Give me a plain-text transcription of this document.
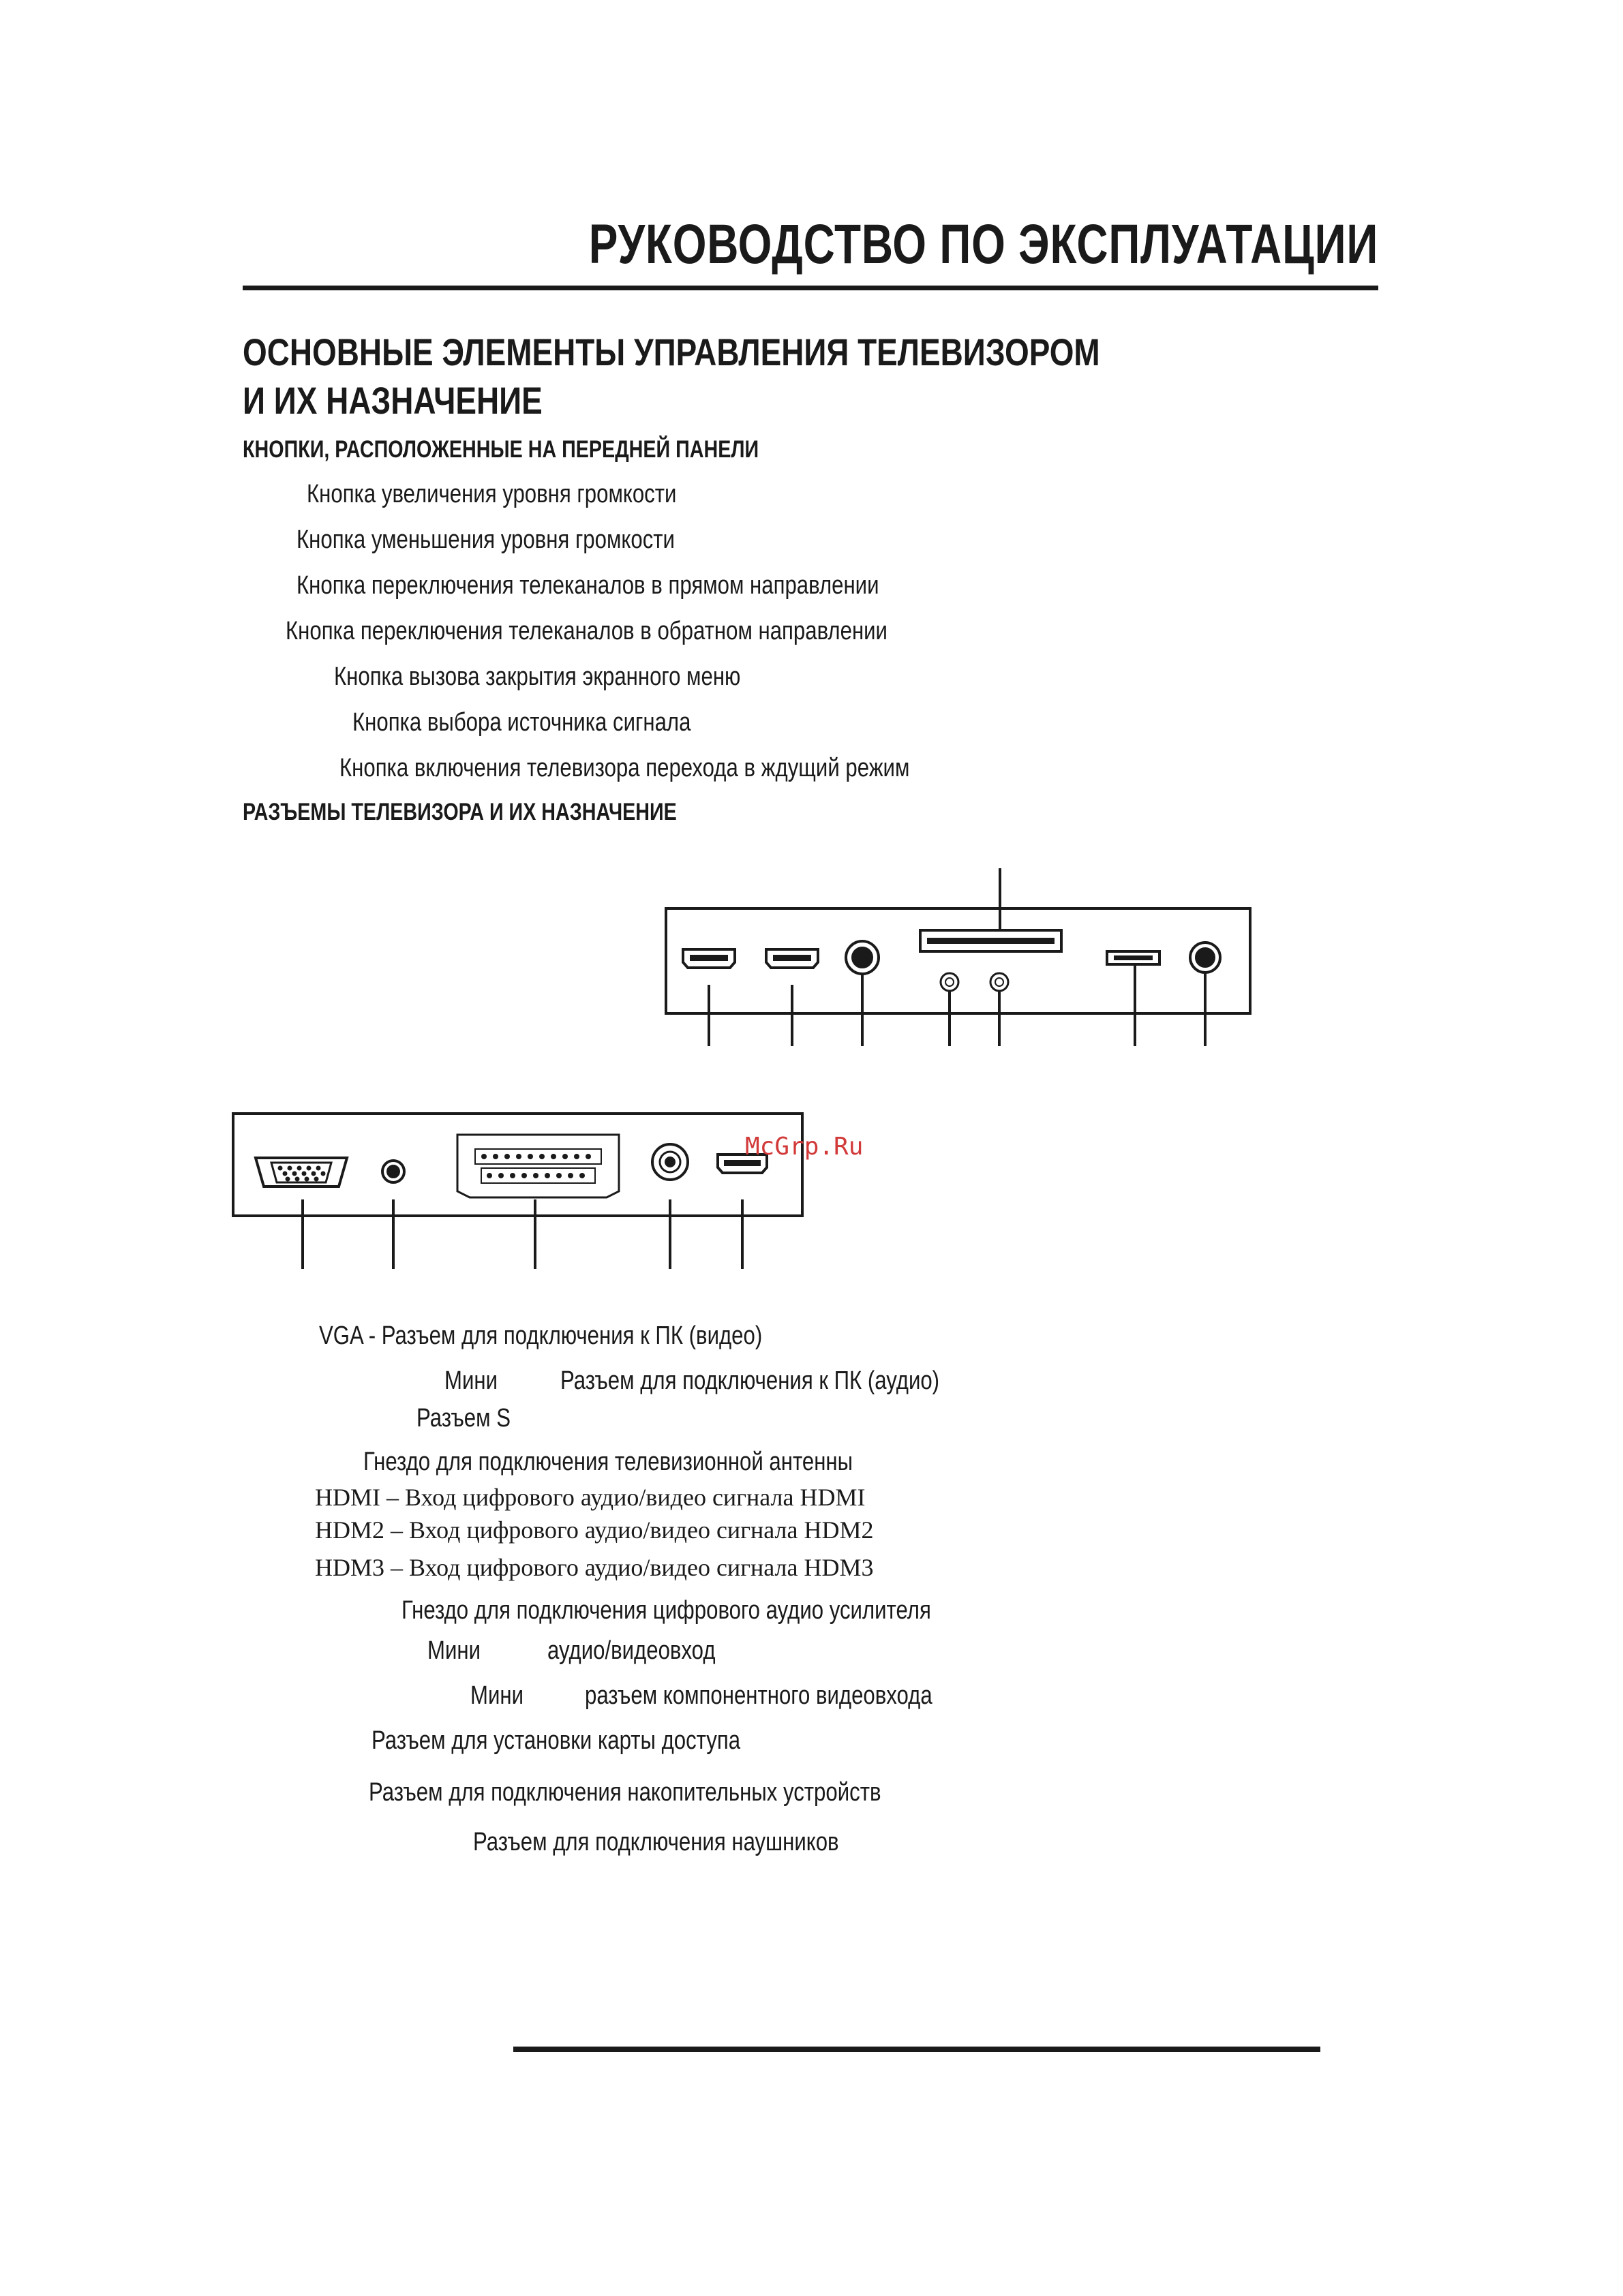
РУКОВОДСТВО ПО ЭКСПЛУАТАЦИИ
ОСНОВНЫЕ ЭЛЕМЕНТЫ УПРАВЛЕНИЯ ТЕЛЕВИЗОРОМ
И ИХ НАЗНАЧЕНИЕ
КНОПКИ, РАСПОЛОЖЕННЫЕ НА ПЕРЕДНЕЙ ПАНЕЛИ
Кнопка увеличения уровня громкости
Кнопка уменьшения уровня громкости
Кнопка переключения телеканалов в прямом направлении
Кнопка переключения телеканалов в обратном направлении
Кнопка вызова закрытия экранного меню
Кнопка выбора источника сигнала
Кнопка включения телевизора перехода в ждущий режим
РАЗЪЕМЫ ТЕЛЕВИЗОРА И ИХ НАЗНАЧЕНИЕ
McGrp.Ru
VGA - Разъем для подключения к ПК (видео)
Мини Разъем для подключения к ПК (аудио)
Разъем S
Гнездо для подключения телевизионной антенны
HDMI – Вход цифрового аудио/видео сигнала HDMI
HDM2 – Вход цифрового аудио/видео сигнала HDM2
HDM3 – Вход цифрового аудио/видео сигнала HDM3
Гнездо для подключения цифрового аудио усилителя
Мини	аудио/видеовход
Мини разъем компонентного видеовхода
Разъем для установки карты доступа
Разъем для подключения накопительных устройств
Разъем для подключения наушников
